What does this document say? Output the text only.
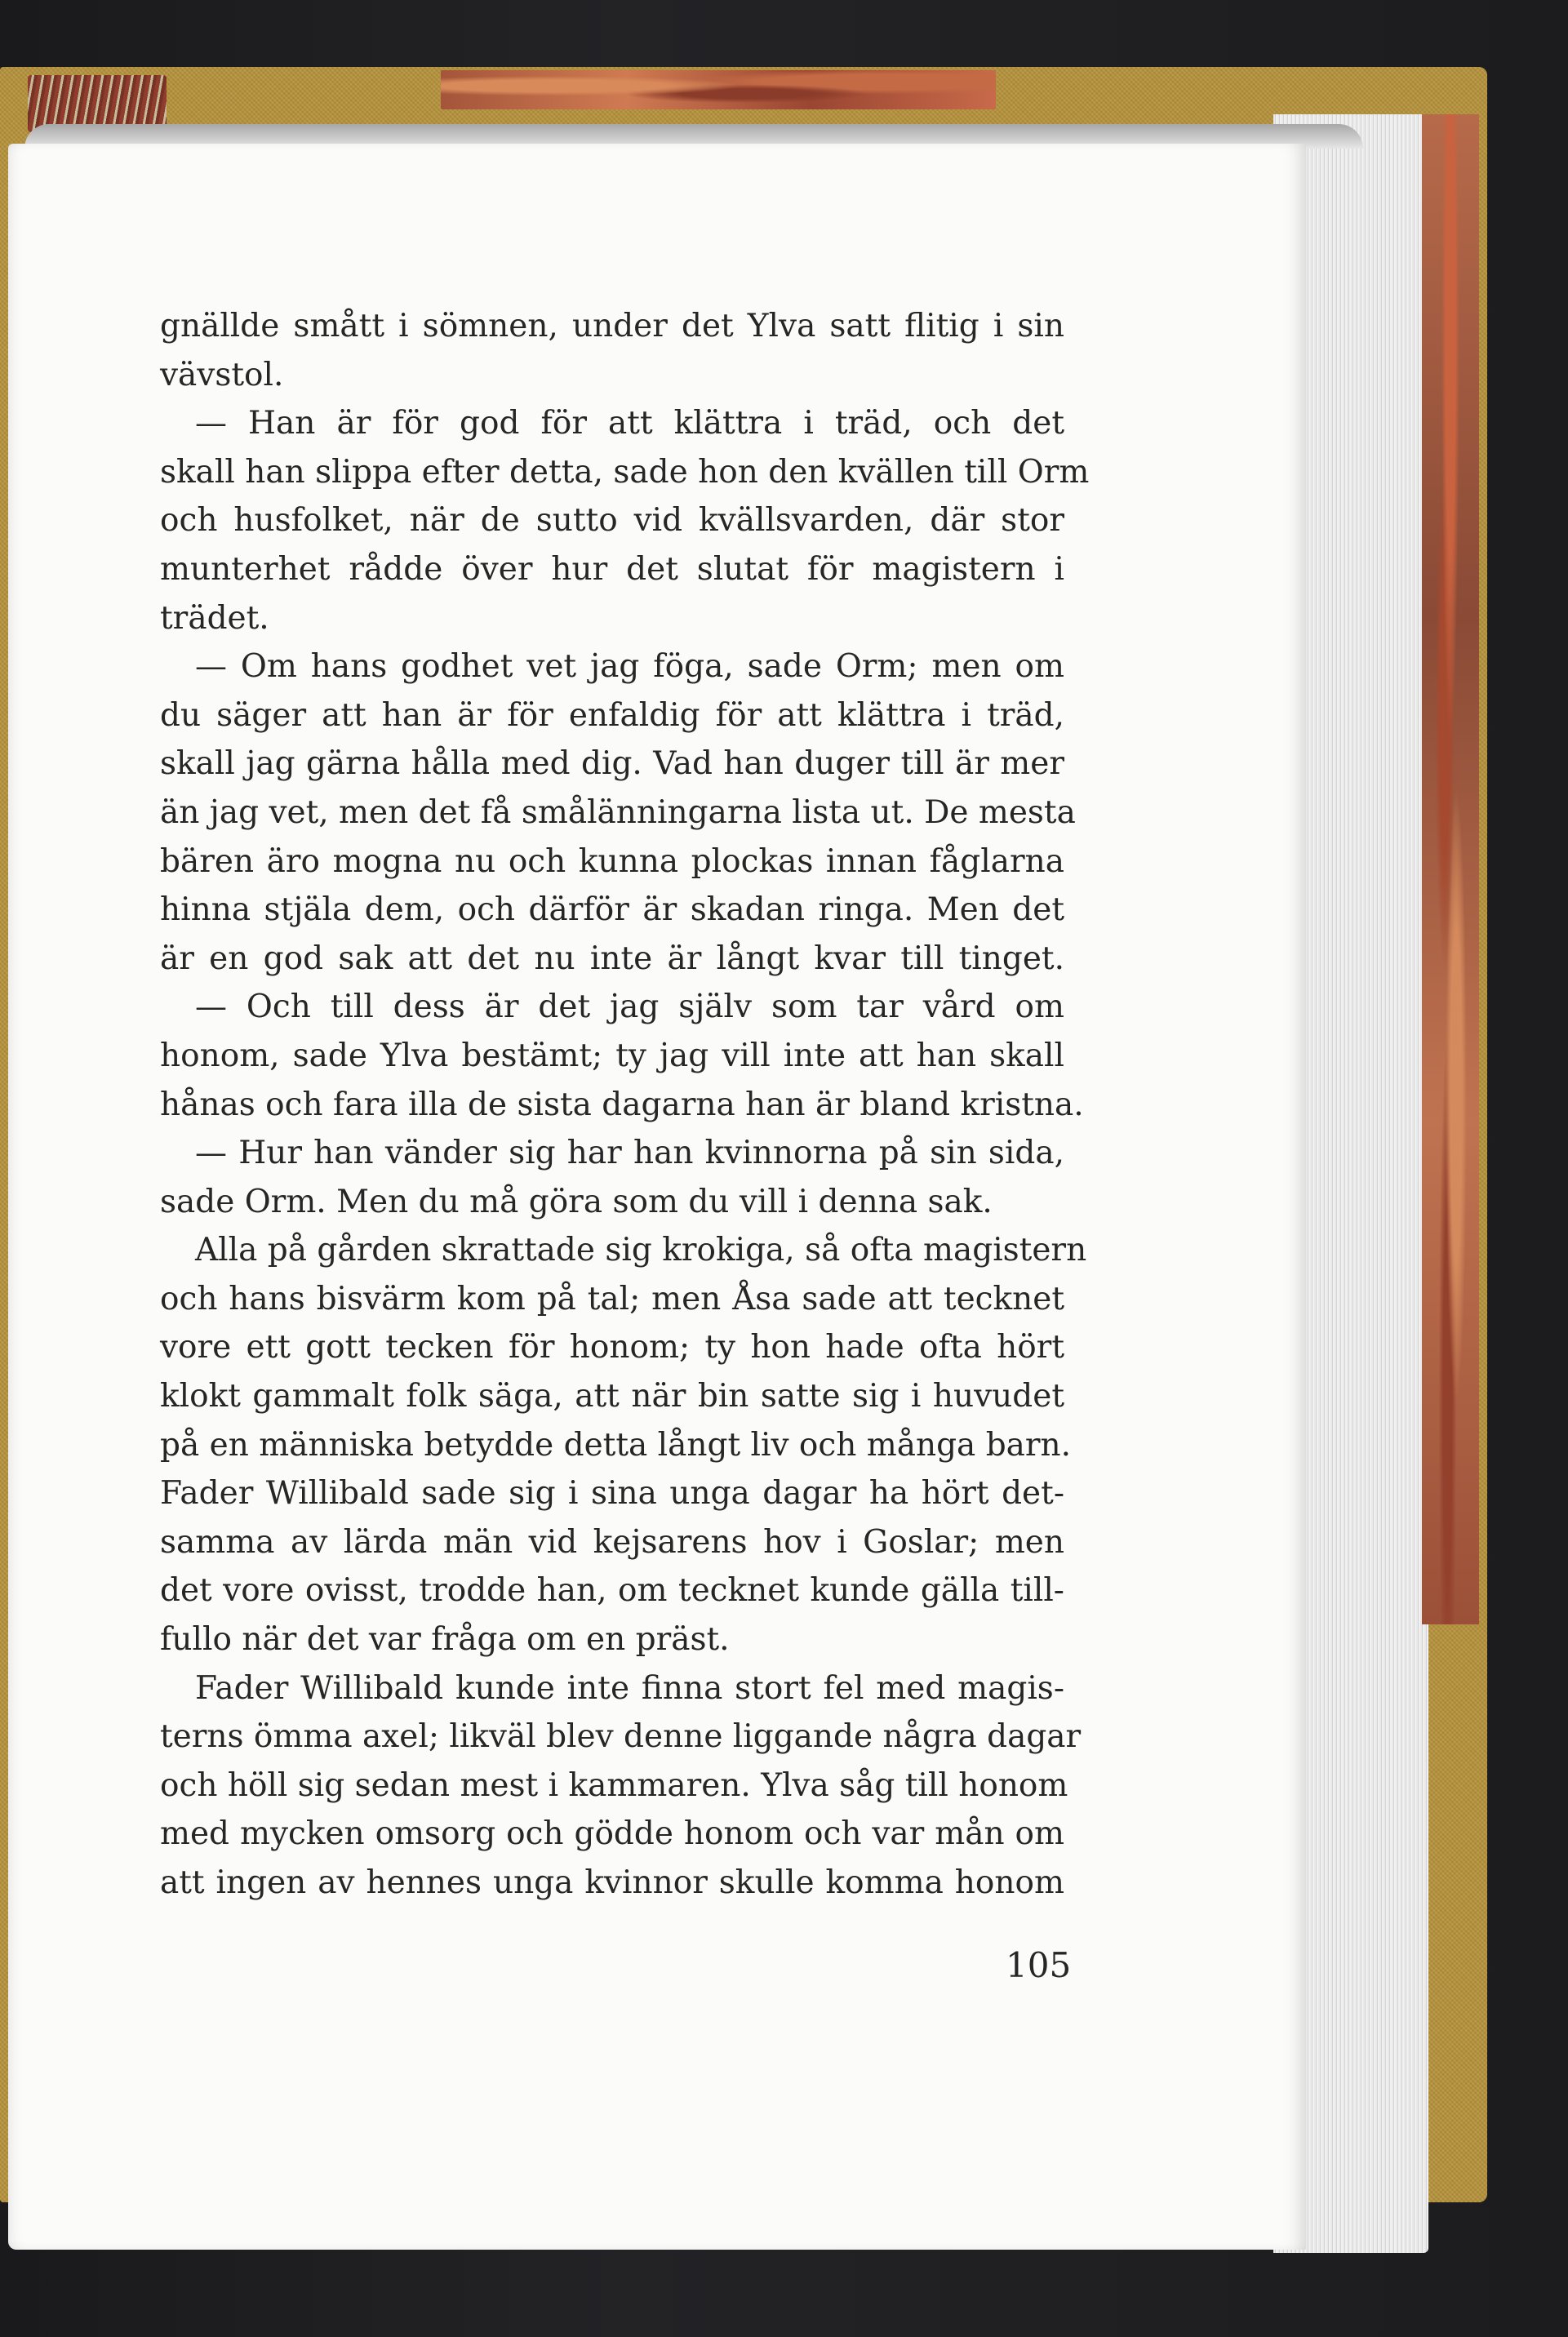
gnällde smått i sömnen, under det Ylva satt flitig i sin
vävstol.
— Han är för god för att klättra i träd, och det
skall han slippa efter detta, sade hon den kvällen till Orm
och husfolket, när de sutto vid kvällsvarden, där stor
munterhet rådde över hur det slutat för magistern i
trädet.
— Om hans godhet vet jag föga, sade Orm; men om
du säger att han är för enfaldig för att klättra i träd,
skall jag gärna hålla med dig. Vad han duger till är mer
än jag vet, men det få smålänningarna lista ut. De mesta
bären äro mogna nu och kunna plockas innan fåglarna
hinna stjäla dem, och därför är skadan ringa. Men det
är en god sak att det nu inte är långt kvar till tinget.
— Och till dess är det jag själv som tar vård om
honom, sade Ylva bestämt; ty jag vill inte att han skall
hånas och fara illa de sista dagarna han är bland kristna.
— Hur han vänder sig har han kvinnorna på sin sida,
sade Orm. Men du må göra som du vill i denna sak.
Alla på gården skrattade sig krokiga, så ofta magistern
och hans bisvärm kom på tal; men Åsa sade att tecknet
vore ett gott tecken för honom; ty hon hade ofta hört
klokt gammalt folk säga, att när bin satte sig i huvudet
på en människa betydde detta långt liv och många barn.
Fader Willibald sade sig i sina unga dagar ha hört det-
samma av lärda män vid kejsarens hov i Goslar; men
det vore ovisst, trodde han, om tecknet kunde gälla till-
fullo när det var fråga om en präst.
Fader Willibald kunde inte finna stort fel med magis-
terns ömma axel; likväl blev denne liggande några dagar
och höll sig sedan mest i kammaren. Ylva såg till honom
med mycken omsorg och gödde honom och var mån om
att ingen av hennes unga kvinnor skulle komma honom
105
